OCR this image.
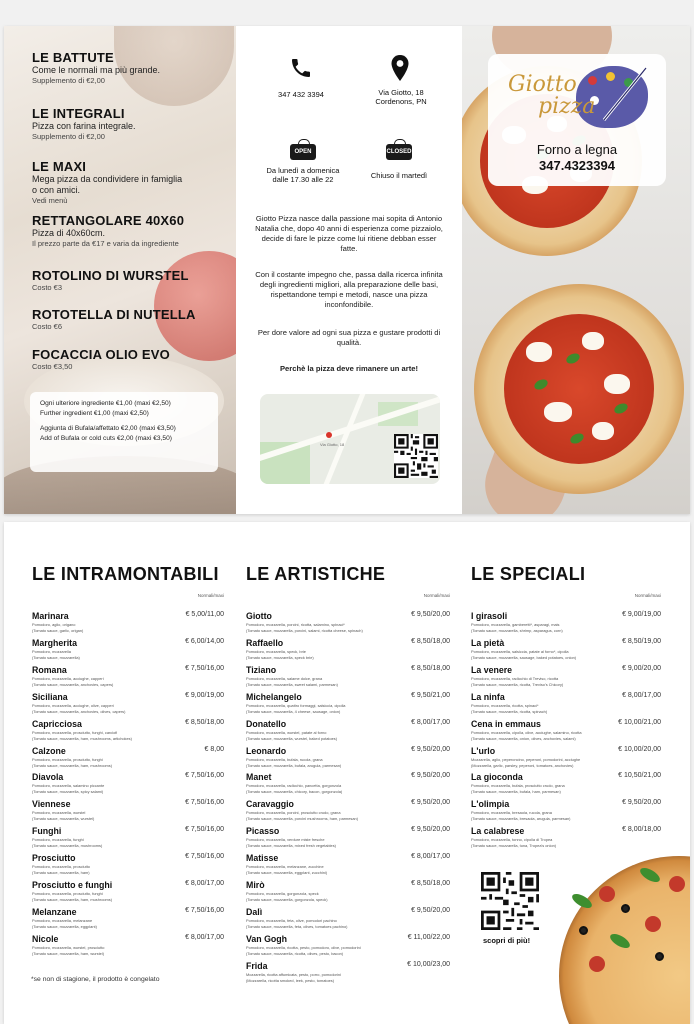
LE BATTUTE
Come le normali ma più grande.
Supplemento di €2,00
LE INTEGRALI
Pizza con farina integrale.
Supplemento di €2,00
LE MAXI
Mega pizza da condividere in famiglia
o con amici.
Vedi menù
RETTANGOLARE 40X60
Pizza di 40x60cm.
Il prezzo parte da €17 e varia da ingrediente
ROTOLINO DI WURSTEL
Costo €3
ROTOTELLA DI NUTELLA
Costo €6
FOCACCIA OLIO EVO
Costo €3,50
Ogni ulteriore ingrediente €1,00 (maxi €2,50)
Further ingredient €1,00 (maxi €2,50)
Aggiunta di Bufala/affettato €2,00 (maxi €3,50)
Add of Bufala or cold cuts €2,00 (maxi €3,50)
347 432 3394	Via Giotto, 18
Cordenons, PN
OPEN	CLOSED
Da lunedì a domenica
dalle 17.30 alle 22	Chiuso il martedì
Giotto Pizza nasce dalla passione mai sopita di Antonio Natalia che, dopo 40 anni di esperienza come pizzaiolo, decide di fare le pizze come lui ritiene debban esser fatte.
Con il costante impegno che, passa dalla ricerca infinita degli ingredienti migliori, alla preparazione delle basi, rispettandone tempi e metodi, nasce una pizza inconfondibile.
Per dore valore ad ogni sua pizza e gustare prodotti di qualità.
Perchè la pizza deve rimanere un arte!
Via Giotto, 18
Giotto
pizza
Forno a legna
347.4323394
LE INTRAMONTABILI
Normali/maxi
Marinara
Pomodoro, aglio, origano
(Tomato sauce, garlic, origan)
€ 5,00/11,00
Margherita
Pomodoro, mozzarella
(Tomato sauce, mozzarella)
€ 6,00/14,00
Romana
Pomodoro, mozzarella, acciughe, capperi
(Tomato sauce, mozzarella, anchovies, capers)
€ 7,50/16,00
Siciliana
Pomodoro, mozzarella, acciughe, olive, capperi
(Tomato sauce, mozzarella, anchovies, olives, capers)
€ 9,00/19,00
Capricciosa
Pomodoro, mozzarella, prosciutto, funghi, carciofi
(Tomato sauce, mozzarella, ham, mushrooms, artichokes)
€ 8,50/18,00
Calzone
Pomodoro, mozzarella, prosciutto, funghi
(Tomato sauce, mozzarella, ham, mushrooms)
€ 8,00
Diavola
Pomodoro, mozzarella, salamino piccante
(Tomato sauce, mozzarella, spicy salami)
€ 7,50/16,00
Viennese
Pomodoro, mozzarella, wurstel
(Tomato sauce, mozzarella, wurstel)
€ 7,50/16,00
Funghi
Pomodoro, mozzarella, funghi
(Tomato sauce, mozzarella, mushrooms)
€ 7,50/16,00
Prosciutto
Pomodoro, mozzarella, prosciutto
(Tomato sauce, mozzarella, ham)
€ 7,50/16,00
Prosciutto e funghi
Pomodoro, mozzarella, prosciutto, funghi
(Tomato sauce, mozzarella, ham, mushrooms)
€ 8,00/17,00
Melanzane
Pomodoro, mozzarella, melanzane
(Tomato sauce, mozzarella, eggplant)
€ 7,50/16,00
Nicole
Pomodoro, mozzarella, wurstel, prosciutto
(Tomato sauce, mozzarella, ham, wurstel)
€ 8,00/17,00
*se non di stagione, il prodotto è congelato
LE ARTISTICHE
Normali/maxi
Giotto
Pomodoro, mozzarella, porcini, ricotta, salamino, spinaci*
(Tomato sauce, mozzarella, porcini, salami, ricotta cheese, spinach)
€ 9,50/20,00
Raffaello
Pomodoro, mozzarella, speck, brie
(Tomato sauce, mozzarella, speck brie)
€ 8,50/18,00
Tiziano
Pomodoro, mozzarella, salame dolce, grana
(Tomato sauce, mozzarella, sweet salami, parmesan)
€ 8,50/18,00
Michelangelo
Pomodoro, mozzarella, quattro formaggi, salsiccia, cipolla
(Tomato sauce, mozzarella, 4 cheese, sausage, onion)
€ 9,50/21,00
Donatello
Pomodoro, mozzarella, wurstel, patate al forno
(Tomato sauce, mozzarella, wurstel, baked potatoes)
€ 8,00/17,00
Leonardo
Pomodoro, mozzarella, bufala, rucola, grana
(Tomato sauce, mozzarella, bufala, arugula, parmesan)
€ 9,50/20,00
Manet
Pomodoro, mozzarella, radicchio, pancetta, gorgonzola
(Tomato sauce, mozzarella, chicory, bacon, gorgonzola)
€ 9,50/20,00
Caravaggio
Pomodoro, mozzarella, porcini, prosciutto crudo, grana
(Tomato sauce, mozzarella, porcini mushrooms, ham, parmesan)
€ 9,50/20,00
Picasso
Pomodoro, mozzarella, verdure miste fresche
(Tomato sauce, mozzarella, mixed fresh vegetables)
€ 9,50/20,00
Matisse
Pomodoro, mozzarella, melanzane, zucchine
(Tomato sauce, mozzarella, eggplant, zucchini)
€ 8,00/17,00
Mirò
Pomodoro, mozzarella, gorgonzola, speck
(Tomato sauce, mozzarella, gorgonzola, speck)
€ 8,50/18,00
Dalì
Pomodoro, mozzarella, feta, olive, pomodori pachino
(Tomato sauce, mozzarella, feta, olives, tomatoes pachino)
€ 9,50/20,00
Van Gogh
Pomodoro, mozzarella, ricotta, pesto, pomodoro, olive, pomodorini
(Tomato sauce, mozzarella, ricotta, olives, pesto, bacon)
€ 11,00/22,00
Frida
Mozzarella, ricotta affumicata, pesto, porro, pomodorini
(Mozzarella, ricotta smoked, leek, pesto, tomatoes)
€ 10,00/23,00
LE SPECIALI
Normali/maxi
I girasoli
Pomodoro, mozzarella, gamberetti*, asparagi, mais
(Tomato sauce, mozzarella, shrimp, asparagus, corn)
€ 9,00/19,00
La pietà
Pomodoro, mozzarella, salsiccia, patate al forno*, cipolla
(Tomato sauce, mozzarella, sausage, baked potatoes, onion)
€ 8,50/19,00
La venere
Pomodoro, mozzarella, radicchio di Treviso, ricotta
(Tomato sauce, mozzarella, ricotta, Treviso's Chicory)
€ 9,00/20,00
La ninfa
Pomodoro, mozzarella, ricotta, spinaci*
(Tomato sauce, mozzarella, ricotta, spinach)
€ 8,00/17,00
Cena in emmaus
Pomodoro, mozzarella, cipolla, olive, acciughe, salamino, ricotta
(Tomato sauce, mozzarella, onion, olives, anchovies, salami)
€ 10,00/21,00
L'urlo
Mozzarella, aglio, peperoncino, peperoni, pomodorini, acciughe
(Mozzarella, garlic, parsley, peperoni, tomatoes, anchovies)
€ 10,00/20,00
La gioconda
Pomodoro, mozzarella, bufala, prosciutto crudo, grana
(Tomato sauce, mozzarella, bufala, ham, parmesan)
€ 10,50/21,00
L'olimpia
Pomodoro, mozzarella, bresaola, rucola, grana
(Tomato sauce, mozzarella, bresaola, arugula, parmesan)
€ 9,50/20,00
La calabrese
Pomodoro, mozzarella, tonno, cipolla di Tropea
(Tomato sauce, mozzarella, tuna, Tropea's onion)
€ 8,00/18,00
scopri di più!
